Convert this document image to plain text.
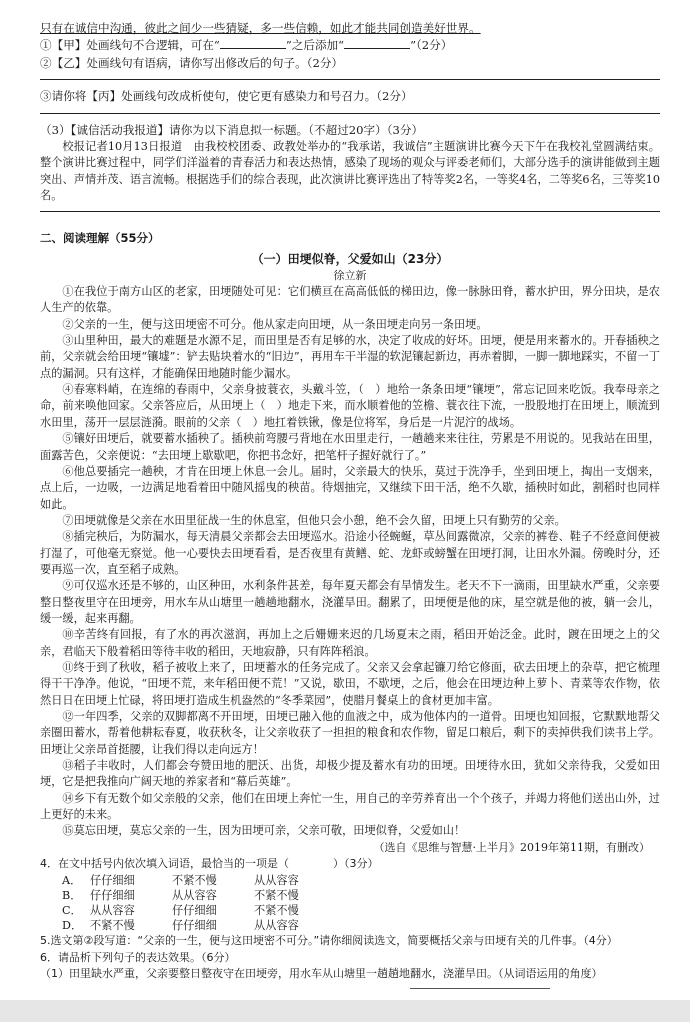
只有在诚信中沟通，彼此之间少一些猜疑，多一些信赖，如此才能共同创造美好世界。
①【甲】处画线句不合逻辑，可在“	”之后添加“	”（2分）
②【乙】处画线句有语病，请你写出修改后的句子。（2分）
③请你将【丙】处画线句改成析使句，使它更有感染力和号召力。（2分）
（3）【诚信活动我报道】请你为以下消息拟一标题。（不超过20字）（3分）
校报记者10月13日报道　由我校校团委、政教处举办的“我承诺，我诚信”主题演讲比赛今天下午在我校礼堂圆满结束。整个演讲比赛过程中，同学们洋溢着的青春活力和表达热情，感染了现场的观众与评委老师们，大部分选手的演讲能做到主题突出、声情并茂、语言流畅。根据选手们的综合表现，此次演讲比赛评选出了特等奖2名，一等奖4名，二等奖6名，三等奖10名。
二、阅读理解（55分）
（一）田埂似脊，父爱如山（23分）
徐立新
①在我位于南方山区的老家，田埂随处可见：它们横亘在高高低低的梯田边，像一脉脉田脊，蓄水护田，界分田块，是农人生产的依靠。
②父亲的一生，便与这田埂密不可分。他从家走向田埂，从一条田埂走向另一条田埂。
③山里种田，最大的难题是水源不足，而田里是否有足够的水，决定了收成的好坏。田埂，便是用来蓄水的。开春插秧之前，父亲就会给田埂“镶墟”：铲去贴块着水的“旧边”，再用车干半湿的软泥镶起新边，再赤着脚，一脚一脚地踩实，不留一丁点的漏洞。只有这样，才能确保田地随时能少漏水。
④春寒料峭，在连绵的春雨中，父亲身披蓑衣，头戴斗笠，（　）地给一条条田埂“镶埂”，常忘记回来吃饭。我奉母亲之命，前来唤他回家。父亲答应后，从田埂上（　）地走下来，而水顺着他的笠檐、蓑衣往下流，一股股地打在田埂上，顺流到水田里，荡开一层层涟漪。眼前的父亲（　）地扛着铁锹，像是位将军，身后是一片泥泞的战场。
⑤镶好田埂后，就要蓄水插秧了。插秧前弯腰弓背地在水田里走行，一趟趟来来往往，劳累是不用说的。见我站在田里，面露苦色，父亲便说：“去田埂上歇歇吧，你把书念好，把笔杆子握好就行了。”
⑥他总要插完一趟秧，才肯在田埂上休息一会儿。届时，父亲最大的快乐，莫过于洗净手，坐到田埂上，掏出一支烟来，点上后，一边吸，一边满足地看着田中随风摇曳的秧苗。待烟抽完，又继续下田干活，绝不久歇，插秧时如此，割稻时也同样如此。
⑦田埂就像是父亲在水田里征战一生的休息室，但他只会小憩，绝不会久留，田埂上只有勤劳的父亲。
⑧插完秧后，为防漏水，每天清晨父亲都会去田埂巡水。沿途小径蜿蜒，草丛间露微凉，父亲的裤卷、鞋子不经意间便被打湿了，可他毫无察觉。他一心要快去田埂看看，是否夜里有黄鳝、蛇、龙虾或螃蟹在田埂打洞，让田水外漏。傍晚时分，还要再巡一次，直至稻子成熟。
⑨可仅巡水还是不够的，山区种田，水利条件甚差，每年夏天都会有旱情发生。老天不下一滴雨，田里缺水严重，父亲要整日整夜里守在田埂旁，用水车从山塘里一趟趟地翻水，浇灌旱田。翻累了，田埂便是他的床，星空就是他的被，躺一会儿，缓一缓，起来再翻。
⑩辛苦终有回报，有了水的再次滋润，再加上之后姗姗来迟的几场夏末之雨，稻田开始泛金。此时，踱在田埂之上的父亲，君临天下般着稻田等待丰收的稻田，天地寂静，只有阵阵稻浪。
⑪终于到了秋收，稻子被收上来了，田埂蓄水的任务完成了。父亲又会拿起镰刀给它修面，砍去田埂上的杂草，把它梳理得干干净净。他说，“田埂不荒，来年稻田便不荒！”又说，歇田，不歇埂，之后，他会在田埂边种上萝卜、青菜等农作物，依然日日在田埂上忙碌，将田埂打造成生机盎然的“冬季菜园”，使腊月餐桌上的食材更加丰富。
⑫一年四季，父亲的双脚都离不开田埂，田埂已融入他的血液之中，成为他体内的一道骨。田埂也知回报，它默默地帮父亲圈田蓄水，帮着他耕耘春夏，收获秋冬，让父亲收获了一担担的粮食和农作物，留足口粮后，剩下的卖掉供我们读书上学。田埂让父亲昂首挺腰，让我们得以走向远方！
⑬稻子丰收时，人们都会夸赞田地的肥沃、出货，却极少提及蓄水有功的田埂。田埂待水田，犹如父亲待我，父爱如田埂，它是把我推向广阔天地的养家者和“幕后英雄”。
⑭乡下有无数个如父亲般的父亲，他们在田埂上奔忙一生，用自己的辛劳养育出一个个孩子，并竭力将他们送出山外，过上更好的未来。
⑮莫忘田埂，莫忘父亲的一生，因为田埂可亲，父亲可敬，田埂似脊，父爱如山！
（选自《思维与智慧·上半月》2019年第11期，有删改）
4．在文中括号内依次填入词语，最恰当的一项是（　　　　）（3分）
A． 仔仔细细	不紧不慢	从从容容
B． 仔仔细细	从从容容	不紧不慢
C． 从从容容	仔仔细细	不紧不慢
D． 不紧不慢	仔仔细细	从从容容
5.选文第②段写道：“父亲的一生，便与这田埂密不可分。”请你细阅读选文，简要概括父亲与田埂有关的几件事。（4分）
6．请品析下列句子的表达效果。（6分）
（1）田里缺水严重，父亲要整日整夜守在田埂旁，用水车从山塘里一趟趟地翻水，浇灌旱田。（从词语运用的角度）
